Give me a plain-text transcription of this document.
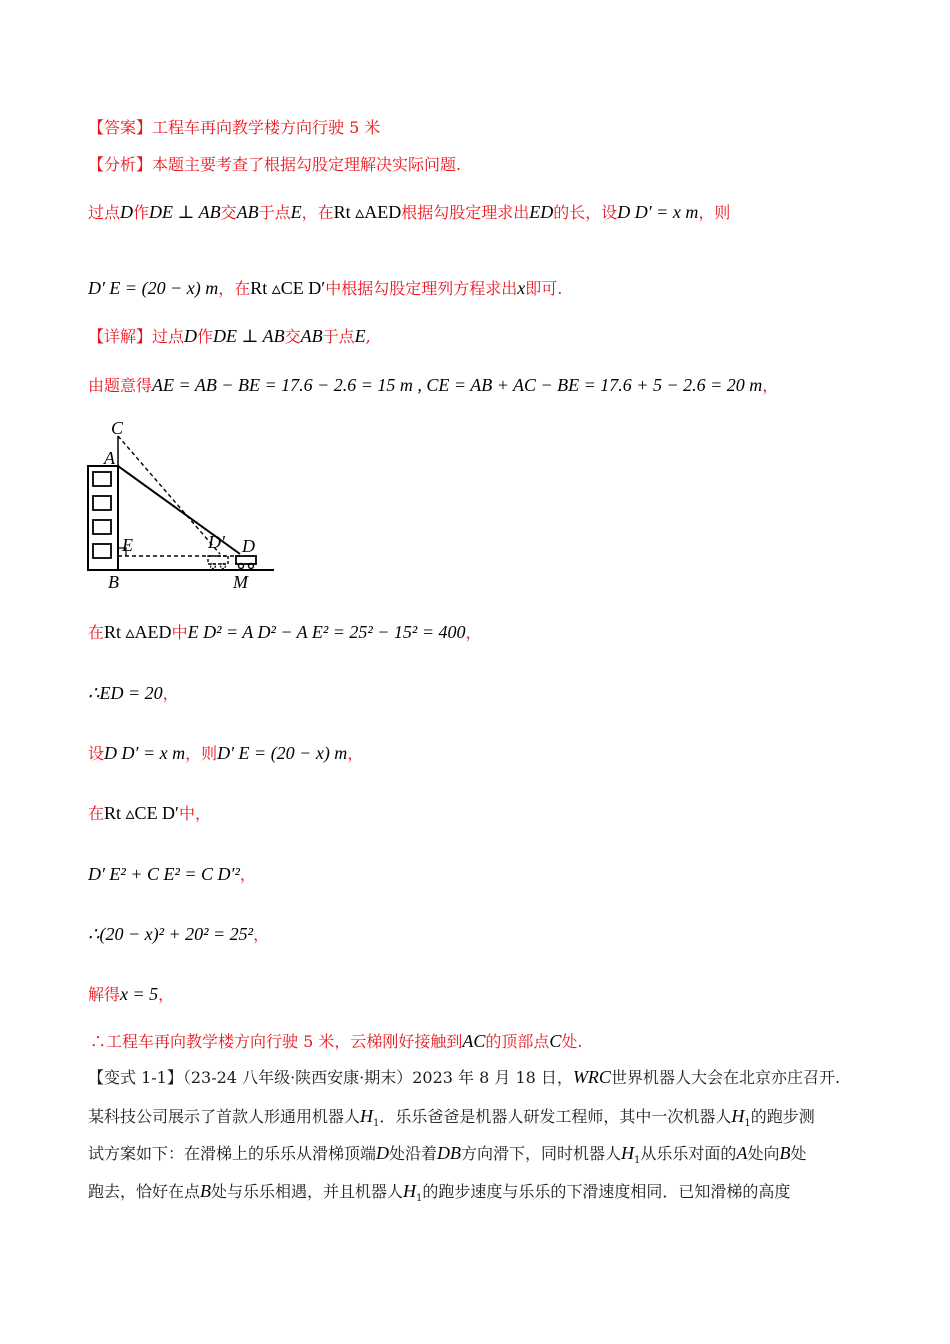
【答案】工程车再向教学楼方向行驶 5 米
【分析】本题主要考查了根据勾股定理解决实际问题.
过点D作DE ⊥ AB交AB于点E，在Rt ▵AED根据勾股定理求出ED的长，设D D′ = x m，则
D′ E = (20 − x) m，在Rt ▵CE D′中根据勾股定理列方程求出x即可.
【详解】过点D作DE ⊥ AB交AB于点E,
由题意得AE = AB − BE = 17.6 − 2.6 = 15 m , CE = AB + AC − BE = 17.6 + 5 − 2.6 = 20 m，
C
A
E
B
D′ D
M
在Rt ▵AED中E D² = A D² − A E² = 25² − 15² = 400，
∴ED = 20，
设D D′ = x m，则D′ E = (20 − x) m，
在Rt ▵CE D′中，
D′ E² + C E² = C D′²，
∴(20 − x)² + 20² = 25²，
解得x = 5，
∴工程车再向教学楼方向行驶 5 米，云梯刚好接触到AC的顶部点C处.
【变式 1-1】（23-24 八年级·陕西安康·期末）2023 年 8 月 18 日，WRC世界机器人大会在北京亦庄召开.
某科技公司展示了首款人形通用机器人$H_1$．乐乐爸爸是机器人研发工程师，其中一次机器人$H_1$的跑步测
试方案如下：在滑梯上的乐乐从滑梯顶端D处沿着DB方向滑下，同时机器人$H_1$从乐乐对面的A处向B处
跑去，恰好在点B处与乐乐相遇，并且机器人$H_1$的跑步速度与乐乐的下滑速度相同．已知滑梯的高度
